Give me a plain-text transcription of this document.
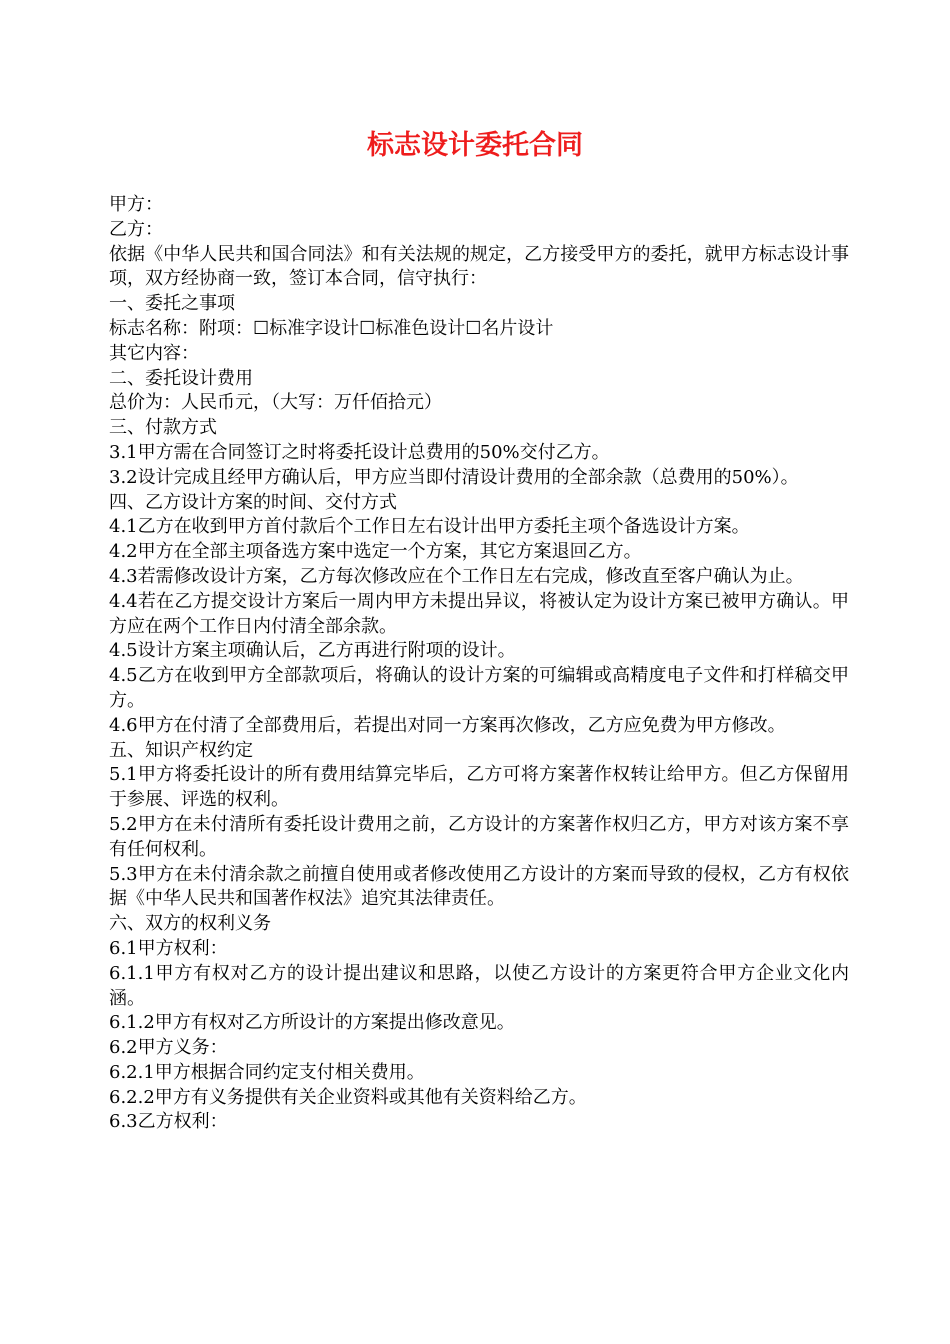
标志设计委托合同
甲方：
乙方：
依据《中华人民共和国合同法》和有关法规的规定，乙方接受甲方的委托，就甲方标志设计事项，双方经协商一致，签订本合同，信守执行：
一、委托之事项
标志名称：附项：☐标准字设计☐标准色设计☐名片设计
其它内容：
二、委托设计费用
总价为：人民币元，（大写：万仟佰拾元）
三、付款方式
3.1甲方需在合同签订之时将委托设计总费用的50%交付乙方。
3.2设计完成且经甲方确认后，甲方应当即付清设计费用的全部余款（总费用的50%）。
四、乙方设计方案的时间、交付方式
4.1乙方在收到甲方首付款后个工作日左右设计出甲方委托主项个备选设计方案。
4.2甲方在全部主项备选方案中选定一个方案，其它方案退回乙方。
4.3若需修改设计方案，乙方每次修改应在个工作日左右完成，修改直至客户确认为止。
4.4若在乙方提交设计方案后一周内甲方未提出异议，将被认定为设计方案已被甲方确认。甲方应在两个工作日内付清全部余款。
4.5设计方案主项确认后，乙方再进行附项的设计。
4.5乙方在收到甲方全部款项后，将确认的设计方案的可编辑或高精度电子文件和打样稿交甲方。
4.6甲方在付清了全部费用后，若提出对同一方案再次修改，乙方应免费为甲方修改。
五、知识产权约定
5.1甲方将委托设计的所有费用结算完毕后，乙方可将方案著作权转让给甲方。但乙方保留用于参展、评选的权利。
5.2甲方在未付清所有委托设计费用之前，乙方设计的方案著作权归乙方，甲方对该方案不享有任何权利。
5.3甲方在未付清余款之前擅自使用或者修改使用乙方设计的方案而导致的侵权，乙方有权依据《中华人民共和国著作权法》追究其法律责任。
六、双方的权利义务
6.1甲方权利：
6.1.1甲方有权对乙方的设计提出建议和思路，以使乙方设计的方案更符合甲方企业文化内涵。
6.1.2甲方有权对乙方所设计的方案提出修改意见。
6.2甲方义务：
6.2.1甲方根据合同约定支付相关费用。
6.2.2甲方有义务提供有关企业资料或其他有关资料给乙方。
6.3乙方权利：
